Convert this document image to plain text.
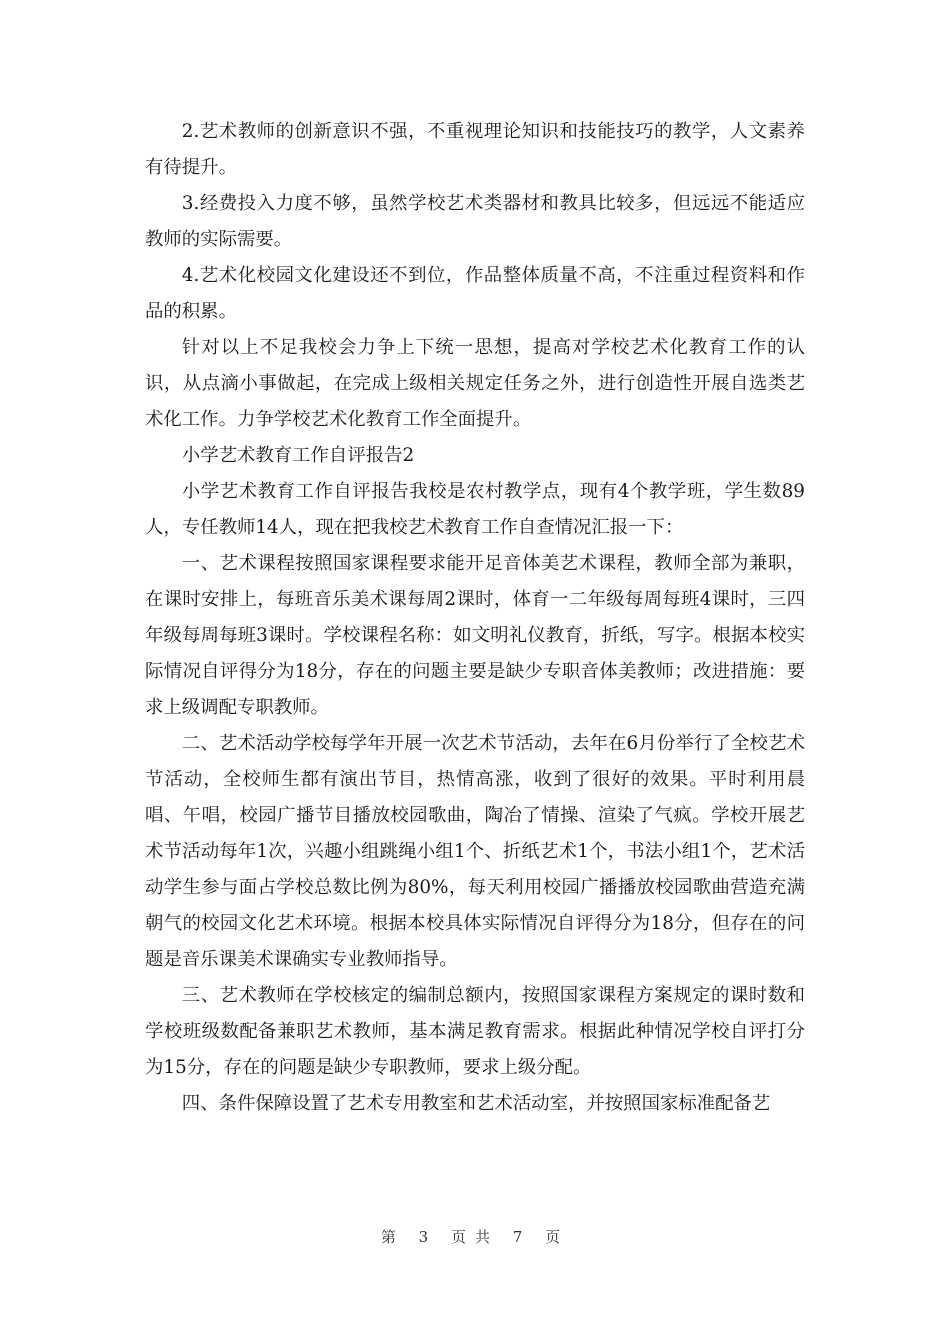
2.艺术教师的创新意识不强，不重视理论知识和技能技巧的教学，人文素养有待提升。

3.经费投入力度不够，虽然学校艺术类器材和教具比较多，但远远不能适应教师的实际需要。

4.艺术化校园文化建设还不到位，作品整体质量不高，不注重过程资料和作品的积累。

针对以上不足我校会力争上下统一思想，提高对学校艺术化教育工作的认识，从点滴小事做起，在完成上级相关规定任务之外，进行创造性开展自选类艺术化工作。力争学校艺术化教育工作全面提升。

小学艺术教育工作自评报告2

小学艺术教育工作自评报告我校是农村教学点，现有4个教学班，学生数89人，专任教师14人，现在把我校艺术教育工作自查情况汇报一下：

一、艺术课程按照国家课程要求能开足音体美艺术课程，教师全部为兼职，在课时安排上，每班音乐美术课每周2课时，体育一二年级每周每班4课时，三四年级每周每班3课时。学校课程名称：如文明礼仪教育，折纸，写字。根据本校实际情况自评得分为18分，存在的问题主要是缺少专职音体美教师；改进措施：要求上级调配专职教师。

二、艺术活动学校每学年开展一次艺术节活动，去年在6月份举行了全校艺术节活动，全校师生都有演出节目，热情高涨，收到了很好的效果。平时利用晨唱、午唱，校园广播节目播放校园歌曲，陶冶了情操、渲染了气疯。学校开展艺术节活动每年1次，兴趣小组跳绳小组1个、折纸艺术1个，书法小组1个，艺术活动学生参与面占学校总数比例为80%，每天利用校园广播播放校园歌曲营造充满朝气的校园文化艺术环境。根据本校具体实际情况自评得分为18分，但存在的问题是音乐课美术课确实专业教师指导。

三、艺术教师在学校核定的编制总额内，按照国家课程方案规定的课时数和学校班级数配备兼职艺术教师，基本满足教育需求。根据此种情况学校自评打分为15分，存在的问题是缺少专职教师，要求上级分配。

四、条件保障设置了艺术专用教室和艺术活动室，并按照国家标准配备艺

第 3 页共 7 页
